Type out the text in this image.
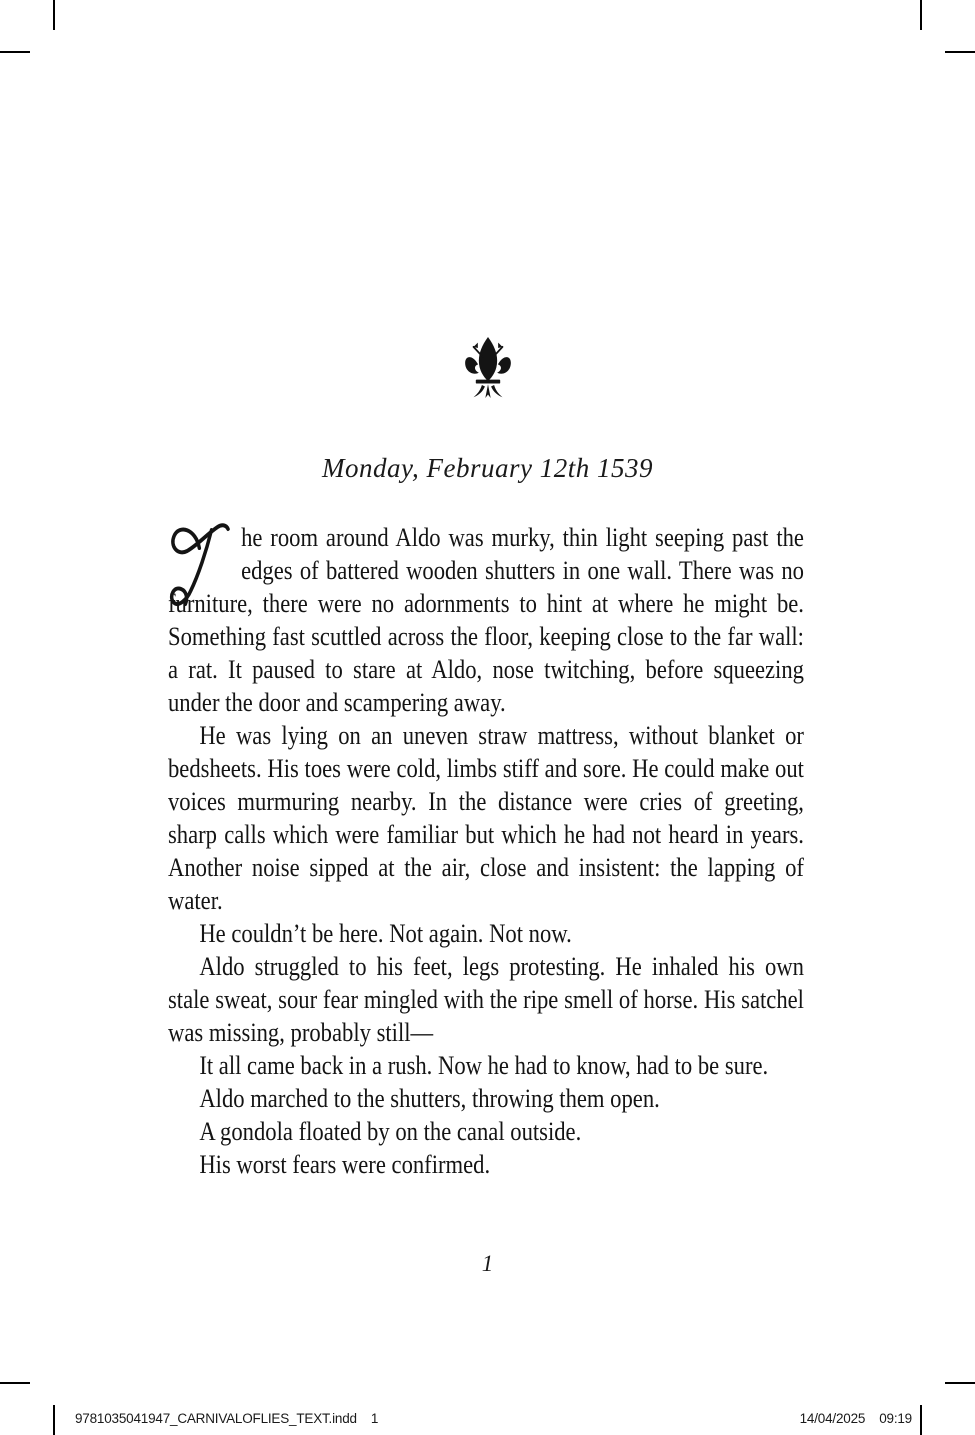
Monday, February 12th 1539

he room around Aldo was murky, thin light seeping past the edges of battered wooden shutters in one wall. There was no furniture, there were no adornments to hint at where he might be. Something fast scuttled across the floor, keeping close to the far wall: a rat. It paused to stare at Aldo, nose twitching, before squeezing under the door and scampering away.

He was lying on an uneven straw mattress, without blanket or bedsheets. His toes were cold, limbs stiff and sore. He could make out voices murmuring nearby. In the distance were cries of greeting, sharp calls which were familiar but which he had not heard in years. Another noise sipped at the air, close and insistent: the lapping of water.

He couldn’t be here. Not again. Not now.

Aldo struggled to his feet, legs protesting. He inhaled his own stale sweat, sour fear mingled with the ripe smell of horse. His satchel was missing, probably still—

It all came back in a rush. Now he had to know, had to be sure.

Aldo marched to the shutters, throwing them open.

A gondola floated by on the canal outside.

His worst fears were confirmed.

1
9781035041947_CARNIVALOFLIES_TEXT.indd 1	14/04/2025 09:19
